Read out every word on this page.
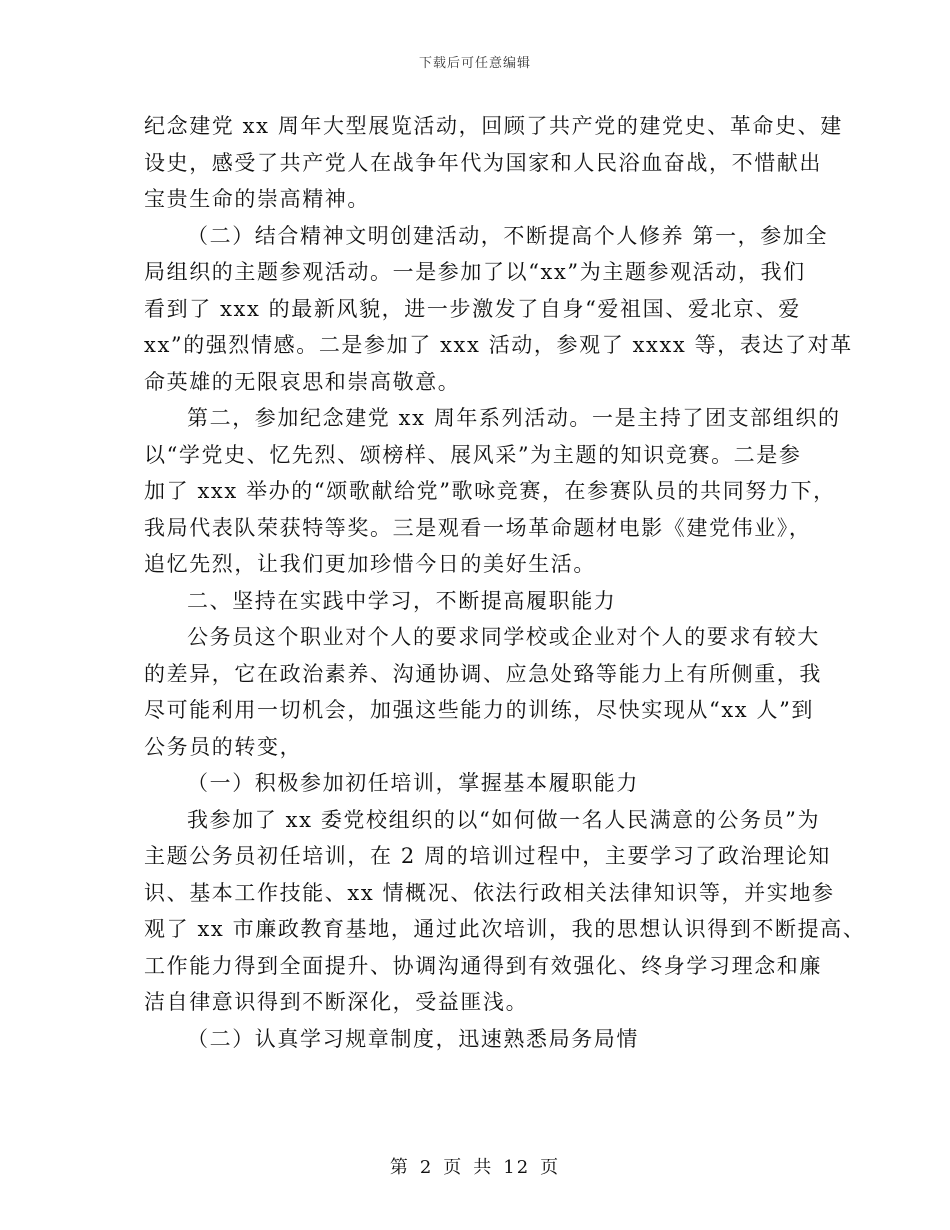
下载后可任意编辑
纪念建党 xx 周年大型展览活动，回顾了共产党的建党史、革命史、建
设史，感受了共产党人在战争年代为国家和人民浴血奋战，不惜献出
宝贵生命的崇高精神。
（二）结合精神文明创建活动，不断提高个人修养 第一，参加全
局组织的主题参观活动。一是参加了以“xx”为主题参观活动，我们
看到了 xxx 的最新风貌，进一步激发了自身“爱祖国、爱北京、爱
xx”的强烈情感。二是参加了 xxx 活动，参观了 xxxx 等，表达了对革
命英雄的无限哀思和崇高敬意。
第二，参加纪念建党 xx 周年系列活动。一是主持了团支部组织的
以“学党史、忆先烈、颂榜样、展风采”为主题的知识竞赛。二是参
加了 xxx 举办的“颂歌献给党”歌咏竞赛，在参赛队员的共同努力下，
我局代表队荣获特等奖。三是观看一场革命题材电影《建党伟业》，
追忆先烈，让我们更加珍惜今日的美好生活。
二、坚持在实践中学习，不断提高履职能力
公务员这个职业对个人的要求同学校或企业对个人的要求有较大
的差异，它在政治素养、沟通协调、应急处臵等能力上有所侧重，我
尽可能利用一切机会，加强这些能力的训练，尽快实现从“xx 人”到
公务员的转变，
（一）积极参加初任培训，掌握基本履职能力
我参加了 xx 委党校组织的以“如何做一名人民满意的公务员”为
主题公务员初任培训，在 2 周的培训过程中，主要学习了政治理论知
识、基本工作技能、xx 情概况、依法行政相关法律知识等，并实地参
观了 xx 市廉政教育基地，通过此次培训，我的思想认识得到不断提高、
工作能力得到全面提升、协调沟通得到有效强化、终身学习理念和廉
洁自律意识得到不断深化，受益匪浅。
（二）认真学习规章制度，迅速熟悉局务局情
第 2 页 共 12 页
